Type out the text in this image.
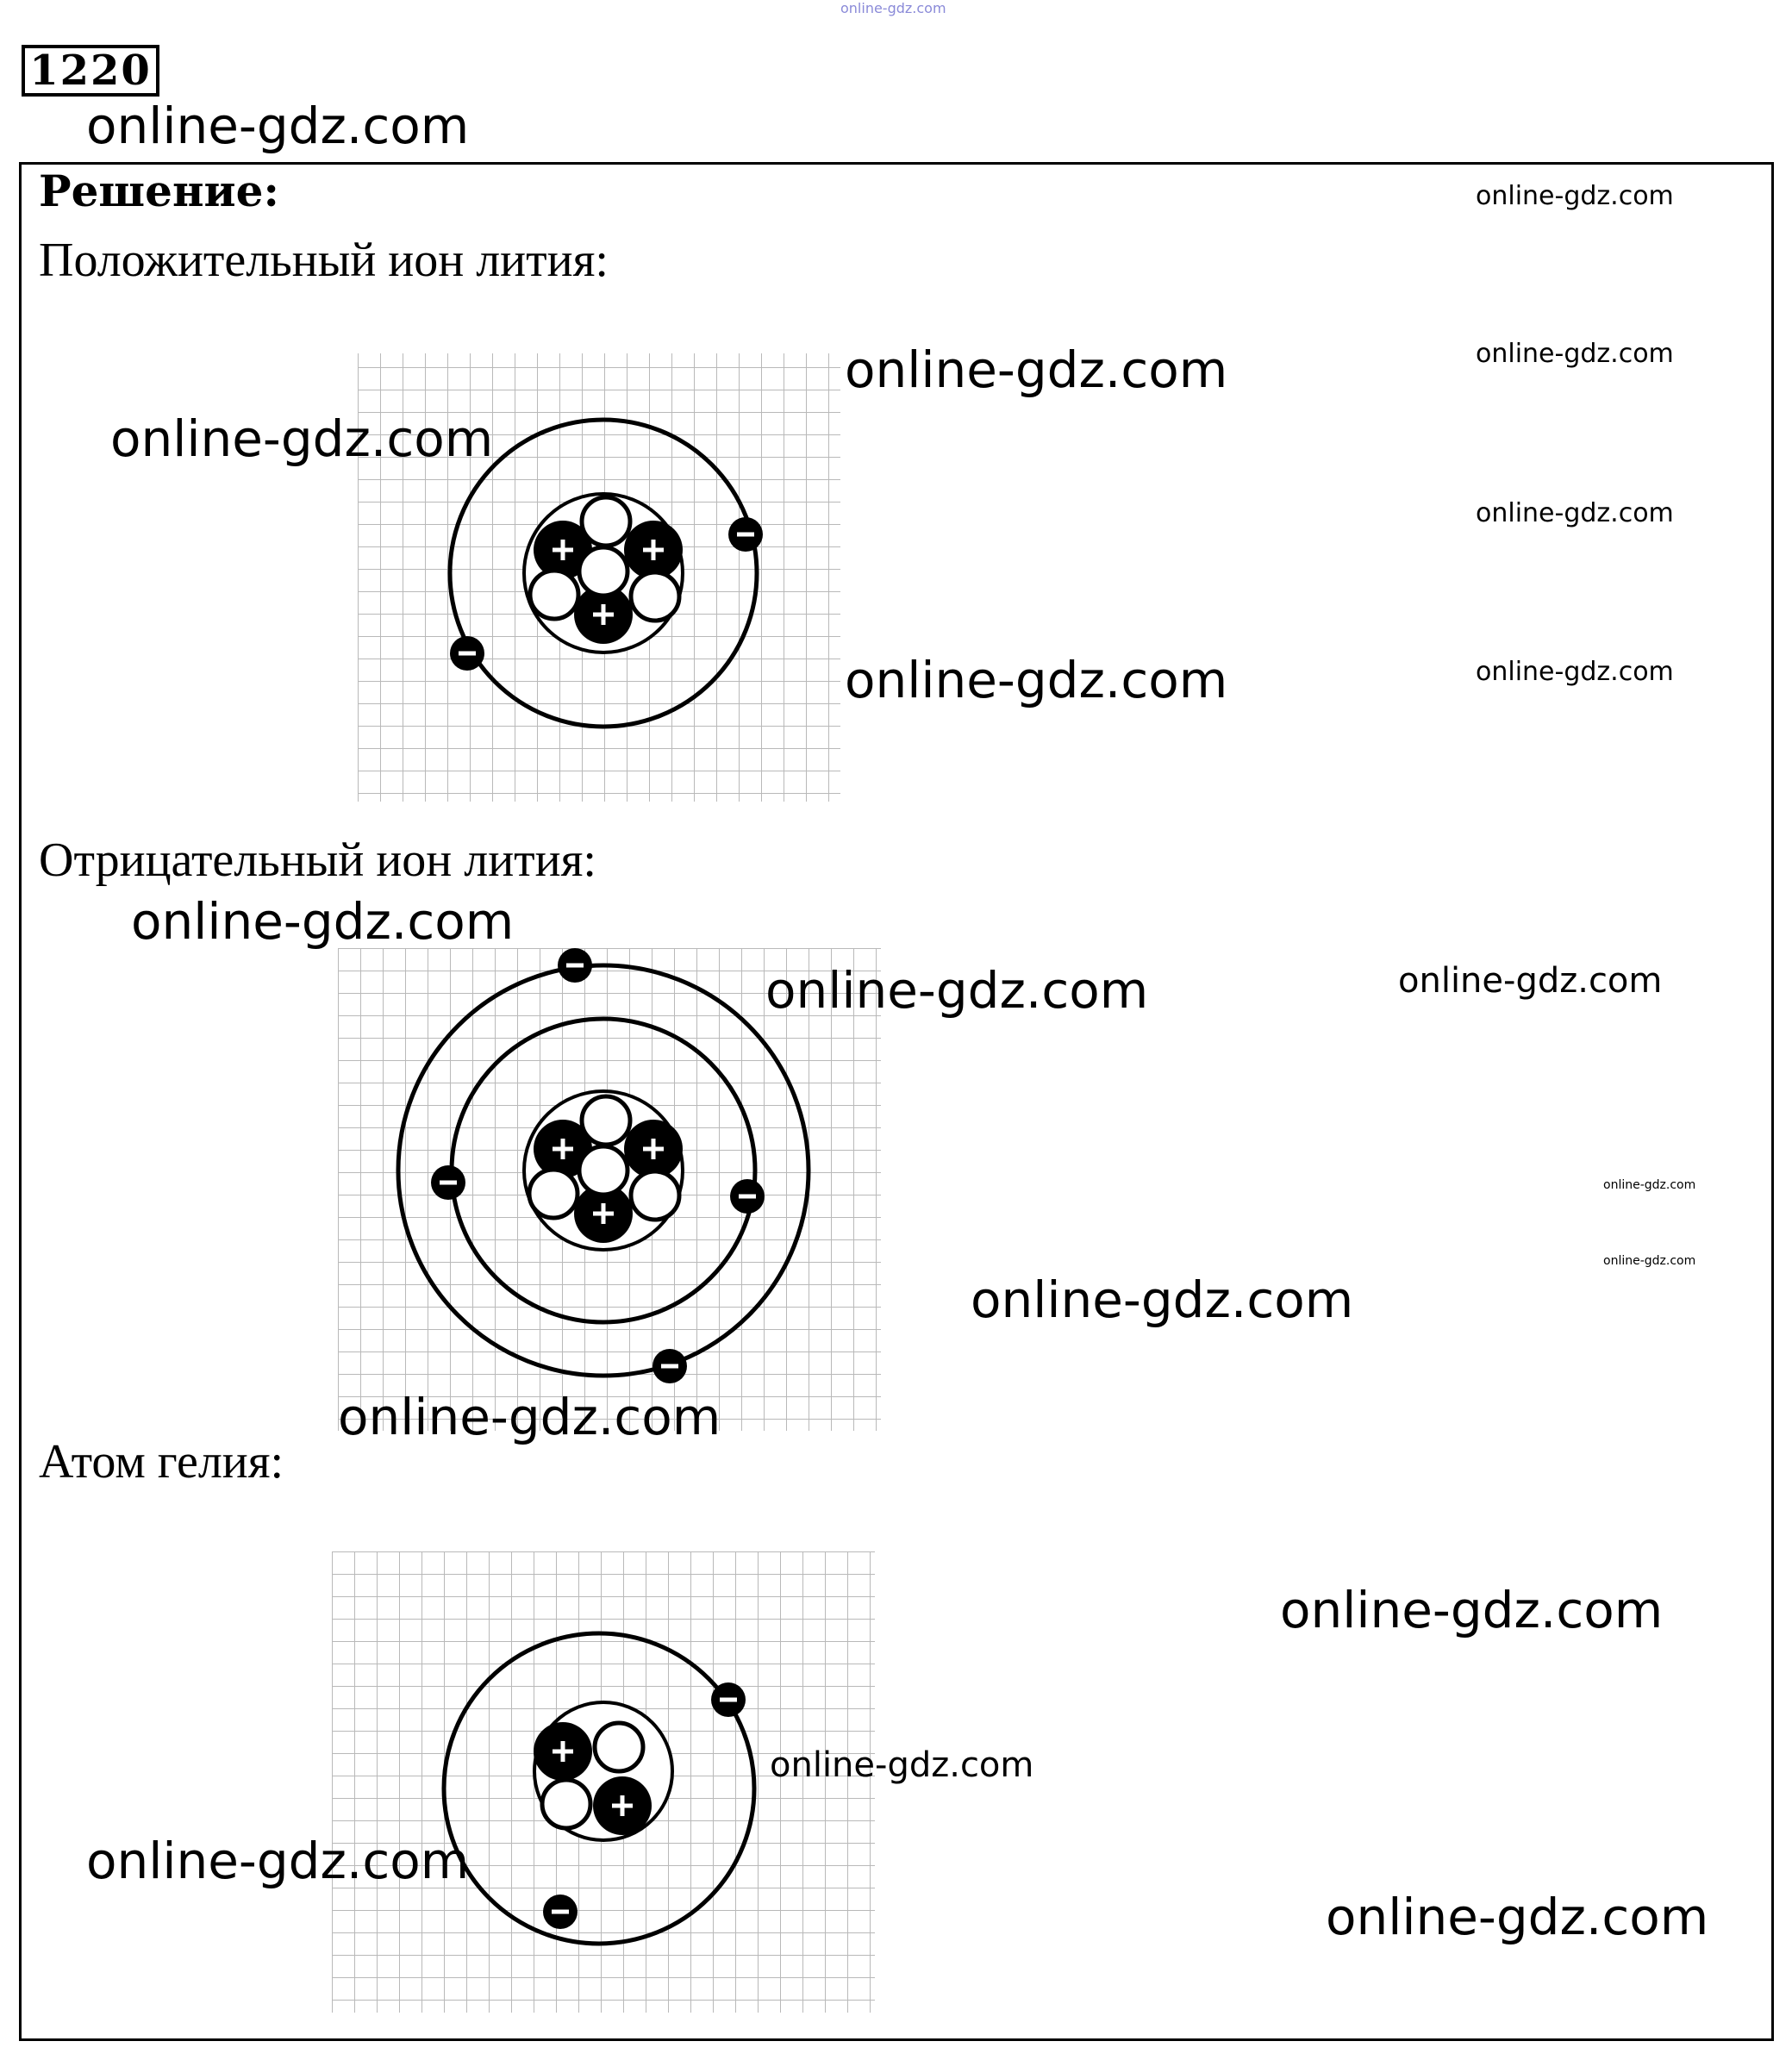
online-gdz.com
1220
online-gdz.com
Решение:
Положительный ион лития:
Отрицательный ион лития:
Атом гелия:
online-gdz.com
online-gdz.com
online-gdz.com
online-gdz.com
online-gdz.com
online-gdz.com
online-gdz.com
online-gdz.com
online-gdz.com	online-gdz.com
online-gdz.com
online-gdz.com
online-gdz.com
online-gdz.com
online-gdz.com
online-gdz.com
online-gdz.com
online-gdz.com
